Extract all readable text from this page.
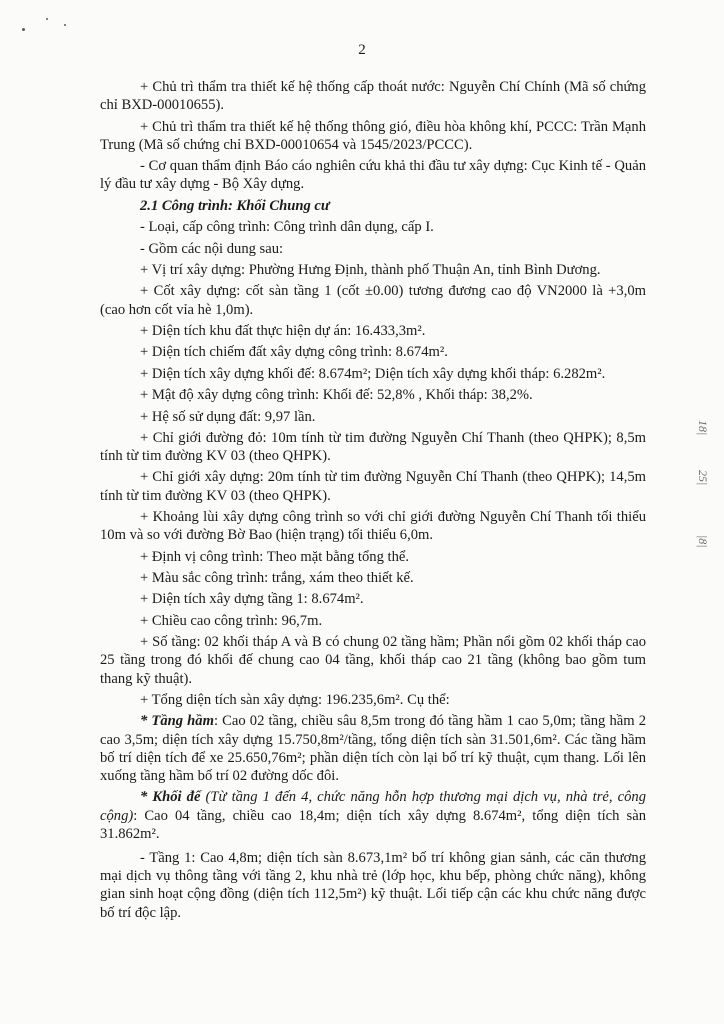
2

+ Chủ trì thẩm tra thiết kế hệ thống cấp thoát nước: Nguyễn Chí Chính (Mã số chứng chỉ BXD-00010655).

+ Chủ trì thẩm tra thiết kế hệ thống thông gió, điều hòa không khí, PCCC: Trần Mạnh Trung (Mã số chứng chỉ BXD-00010654 và 1545/2023/PCCC).

- Cơ quan thẩm định Báo cáo nghiên cứu khả thi đầu tư xây dựng: Cục Kinh tế - Quản lý đầu tư xây dựng - Bộ Xây dựng.

2.1 Công trình: Khối Chung cư

- Loại, cấp công trình: Công trình dân dụng, cấp I.

- Gồm các nội dung sau:

+ Vị trí xây dựng: Phường Hưng Định, thành phố Thuận An, tỉnh Bình Dương.

+ Cốt xây dựng: cốt sàn tầng 1 (cốt ±0.00) tương đương cao độ VN2000 là +3,0m (cao hơn cốt vỉa hè 1,0m).

+ Diện tích khu đất thực hiện dự án: 16.433,3m².

+ Diện tích chiếm đất xây dựng công trình: 8.674m².

+ Diện tích xây dựng khối đế: 8.674m²; Diện tích xây dựng khối tháp: 6.282m².

+ Mật độ xây dựng công trình: Khối đế: 52,8% , Khối tháp: 38,2%.

+ Hệ số sử dụng đất: 9,97 lần.

+ Chỉ giới đường đỏ: 10m tính từ tim đường Nguyễn Chí Thanh (theo QHPK); 8,5m tính từ tim đường KV 03 (theo QHPK).

+ Chỉ giới xây dựng: 20m tính từ tim đường Nguyễn Chí Thanh (theo QHPK); 14,5m tính từ tim đường KV 03 (theo QHPK).

+ Khoảng lùi xây dựng công trình so với chỉ giới đường Nguyễn Chí Thanh tối thiểu 10m và so với đường Bờ Bao (hiện trạng) tối thiểu 6,0m.

+ Định vị công trình: Theo mặt bằng tổng thể.

+ Màu sắc công trình: trắng, xám theo thiết kế.

+ Diện tích xây dựng tầng 1: 8.674m².

+ Chiều cao công trình: 96,7m.

+ Số tầng: 02 khối tháp A và B có chung 02 tầng hầm; Phần nổi gồm 02 khối tháp cao 25 tầng trong đó khối đế chung cao 04 tầng, khối tháp cao 21 tầng (không bao gồm tum thang kỹ thuật).

+ Tổng diện tích sàn xây dựng: 196.235,6m². Cụ thể:

* Tầng hầm: Cao 02 tầng, chiều sâu 8,5m trong đó tầng hầm 1 cao 5,0m; tầng hầm 2 cao 3,5m; diện tích xây dựng 15.750,8m²/tầng, tổng diện tích sàn 31.501,6m². Các tầng hầm bố trí diện tích để xe 25.650,76m²; phần diện tích còn lại bố trí kỹ thuật, cụm thang. Lối lên xuống tầng hầm bố trí 02 đường dốc đôi.

* Khối đế (Từ tầng 1 đến 4, chức năng hỗn hợp thương mại dịch vụ, nhà trẻ, công cộng): Cao 04 tầng, chiều cao 18,4m; diện tích xây dựng 8.674m², tổng diện tích sàn 31.862m².

- Tầng 1: Cao 4,8m; diện tích sàn 8.673,1m² bố trí không gian sảnh, các căn thương mại dịch vụ thông tầng với tầng 2, khu nhà trẻ (lớp học, khu bếp, phòng chức năng), không gian sinh hoạt cộng đồng (diện tích 112,5m²) kỹ thuật. Lối tiếp cận các khu chức năng được bố trí độc lập.

18|
25|
|8|
